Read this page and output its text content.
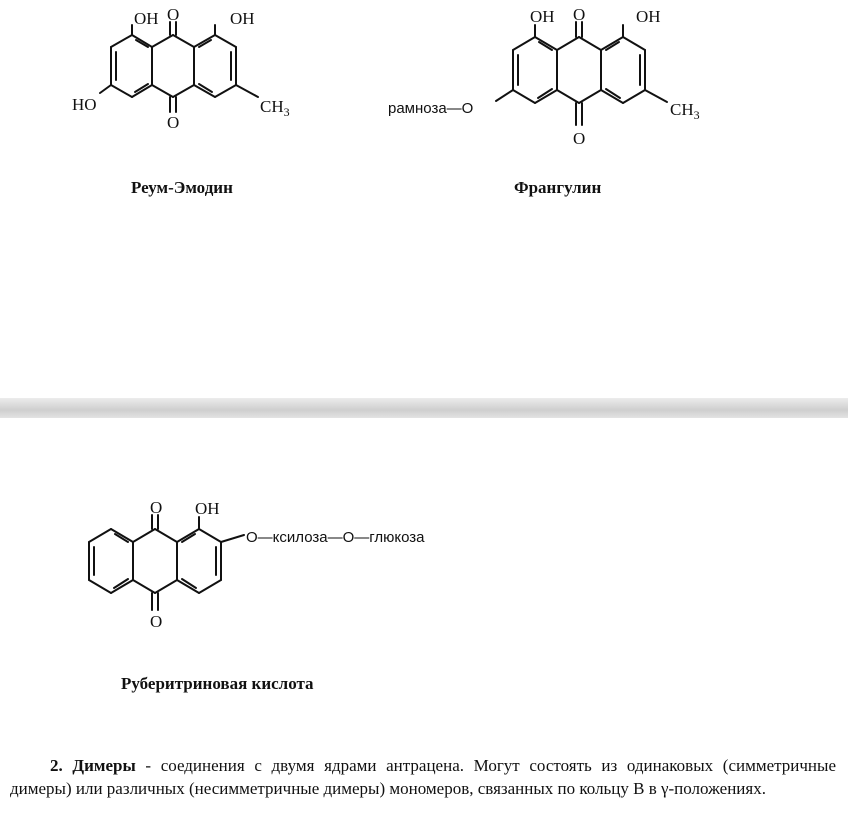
OH O	OH
O
HO	$CH_3$
Реум-Эмодин
OH O	OH
O
рамноза—O	$CH_3$
Франгулин
O OH
O
O—ксилоза—O—глюкоза
Руберитриновая кислота

2. Димеры - соединения с двумя ядрами антрацена. Могут состоять из одинаковых (симметричные димеры) или различных (несимметричные димеры) мономеров, связанных по кольцу B в γ-положениях.
